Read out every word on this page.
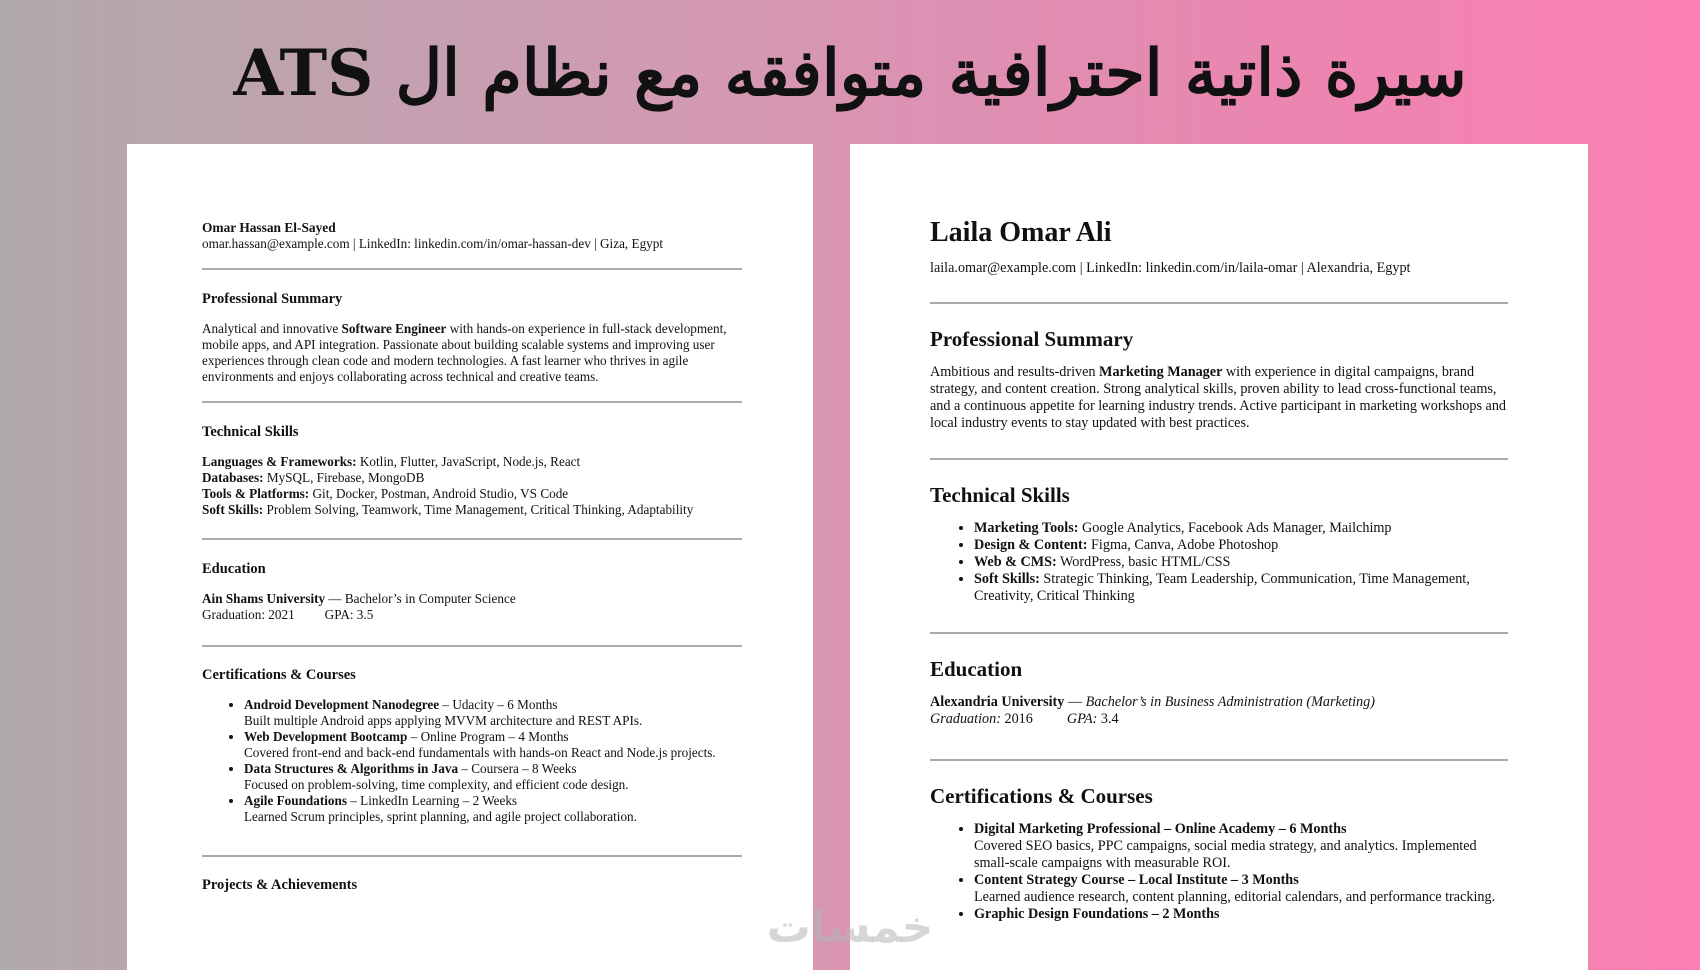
سيرة ذاتية احترافية متوافقه مع نظام ال ATS
Omar Hassan El-Sayed
omar.hassan@example.com | LinkedIn: linkedin.com/in/omar-hassan-dev | Giza, Egypt
Professional Summary

Analytical and innovative Software Engineer with hands-on experience in full-stack development, mobile apps, and API integration. Passionate about building scalable systems and improving user experiences through clean code and modern technologies. A fast learner who thrives in agile environments and enjoys collaborating across technical and creative teams.

Technical Skills
Languages & Frameworks: Kotlin, Flutter, JavaScript, Node.js, React
Databases: MySQL, Firebase, MongoDB
Tools & Platforms: Git, Docker, Postman, Android Studio, VS Code
Soft Skills: Problem Solving, Teamwork, Time Management, Critical Thinking, Adaptability
Education
Ain Shams University — Bachelor’s in Computer Science
Graduation: 2021 GPA: 3.5
Certifications & Courses
• Android Development Nanodegree – Udacity – 6 Months
Built multiple Android apps applying MVVM architecture and REST APIs.
• Web Development Bootcamp – Online Program – 4 Months
Covered front-end and back-end fundamentals with hands-on React and Node.js projects.
• Data Structures & Algorithms in Java – Coursera – 8 Weeks
Focused on problem-solving, time complexity, and efficient code design.
• Agile Foundations – LinkedIn Learning – 2 Weeks
Learned Scrum principles, sprint planning, and agile project collaboration.
Projects & Achievements
Laila Omar Ali
laila.omar@example.com | LinkedIn: linkedin.com/in/laila-omar | Alexandria, Egypt
Professional Summary

Ambitious and results-driven Marketing Manager with experience in digital campaigns, brand strategy, and content creation. Strong analytical skills, proven ability to lead cross-functional teams, and a continuous appetite for learning industry trends. Active participant in marketing workshops and local industry events to stay updated with best practices.

Technical Skills
• Marketing Tools: Google Analytics, Facebook Ads Manager, Mailchimp
• Design & Content: Figma, Canva, Adobe Photoshop
• Web & CMS: WordPress, basic HTML/CSS
• Soft Skills: Strategic Thinking, Team Leadership, Communication, Time Management, Creativity, Critical Thinking
Education
Alexandria University — Bachelor’s in Business Administration (Marketing)
Graduation: 2016 GPA: 3.4
Certifications & Courses
• Digital Marketing Professional – Online Academy – 6 Months
Covered SEO basics, PPC campaigns, social media strategy, and analytics. Implemented small-scale campaigns with measurable ROI.
• Content Strategy Course – Local Institute – 3 Months
Learned audience research, content planning, editorial calendars, and performance tracking.
• Graphic Design Foundations – 2 Months

خمسات
